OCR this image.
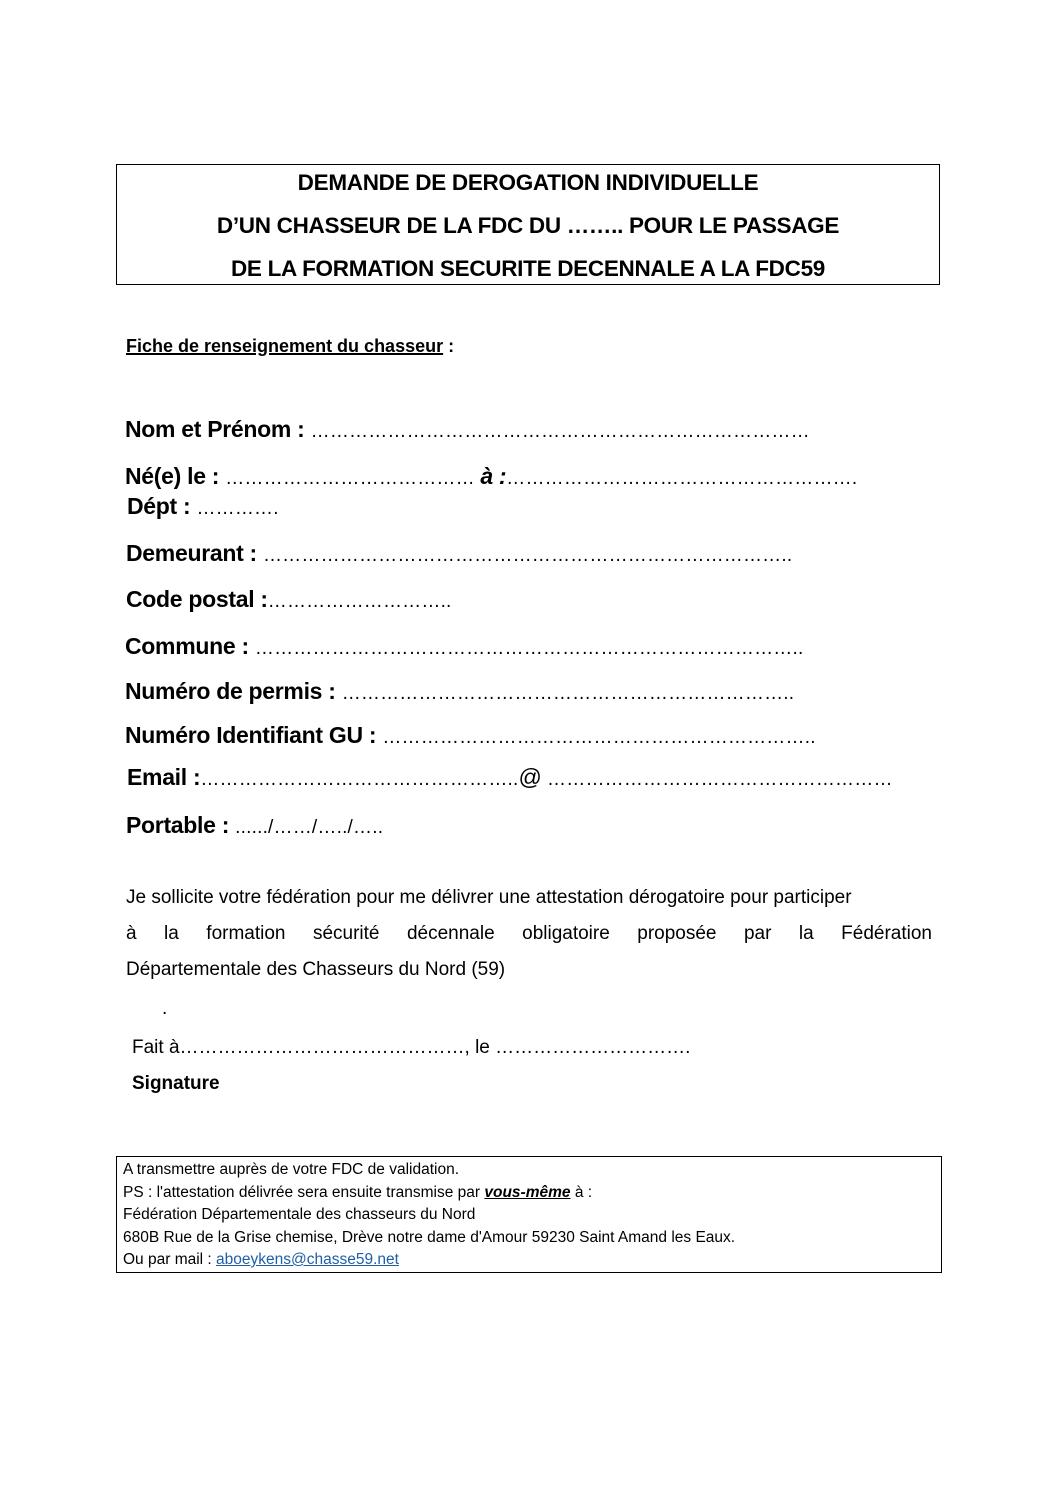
DEMANDE DE DEROGATION INDIVIDUELLE
D’UN CHASSEUR DE LA FDC DU …….. POUR LE PASSAGE
DE LA FORMATION SECURITE DECENNALE A LA FDC59
Fiche de renseignement du chasseur :
Nom et Prénom : ……………………………………………………………………
Né(e) le : ………………………………… à :……………………………………………….
Dépt : ………….
Demeurant : ………………………………………………………………………..
Code postal :………………………..
Commune : …………………………………………………………………………..
Numéro de permis : ……………………………………………………………..
Numéro Identifiant GU : …………………………………………………………..
Email :…………………………………………..@ ………………………………………………
Portable : ....../……/…../…..

Je sollicite votre fédération pour me délivrer une attestation dérogatoire pour participer

à la formation sécurité décennale obligatoire proposée par la Fédération

Départementale des Chasseurs du Nord (59)

.
Fait à………………………………………, le ………………………….
Signature
A transmettre auprès de votre FDC de validation.
PS : l'attestation délivrée sera ensuite transmise par vous-même à :
Fédération Départementale des chasseurs du Nord
680B Rue de la Grise chemise, Drève notre dame d'Amour 59230 Saint Amand les Eaux.
Ou par mail : aboeykens@chasse59.net
